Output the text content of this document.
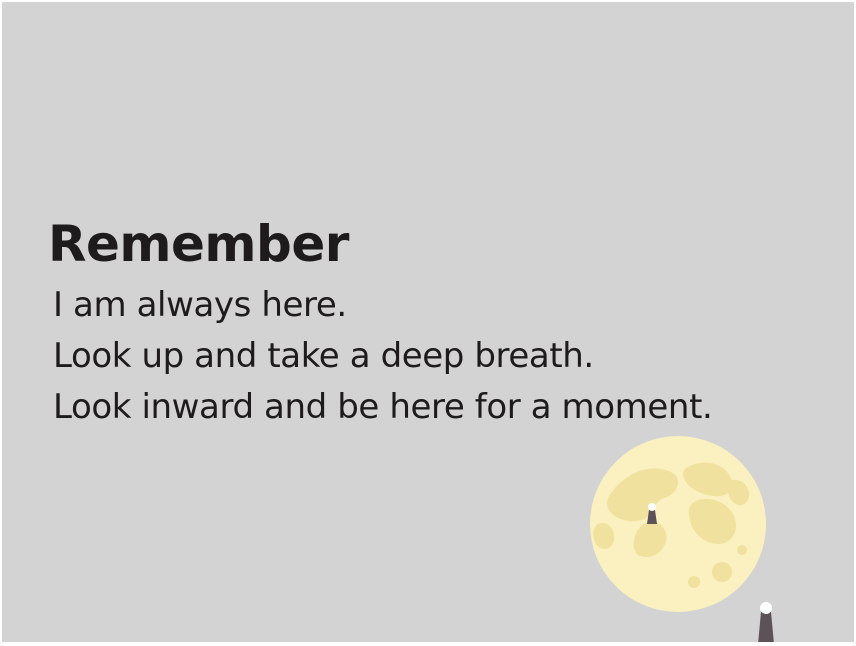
Remember
I am always here.
Look up and take a deep breath.
Look inward and be here for a moment.
